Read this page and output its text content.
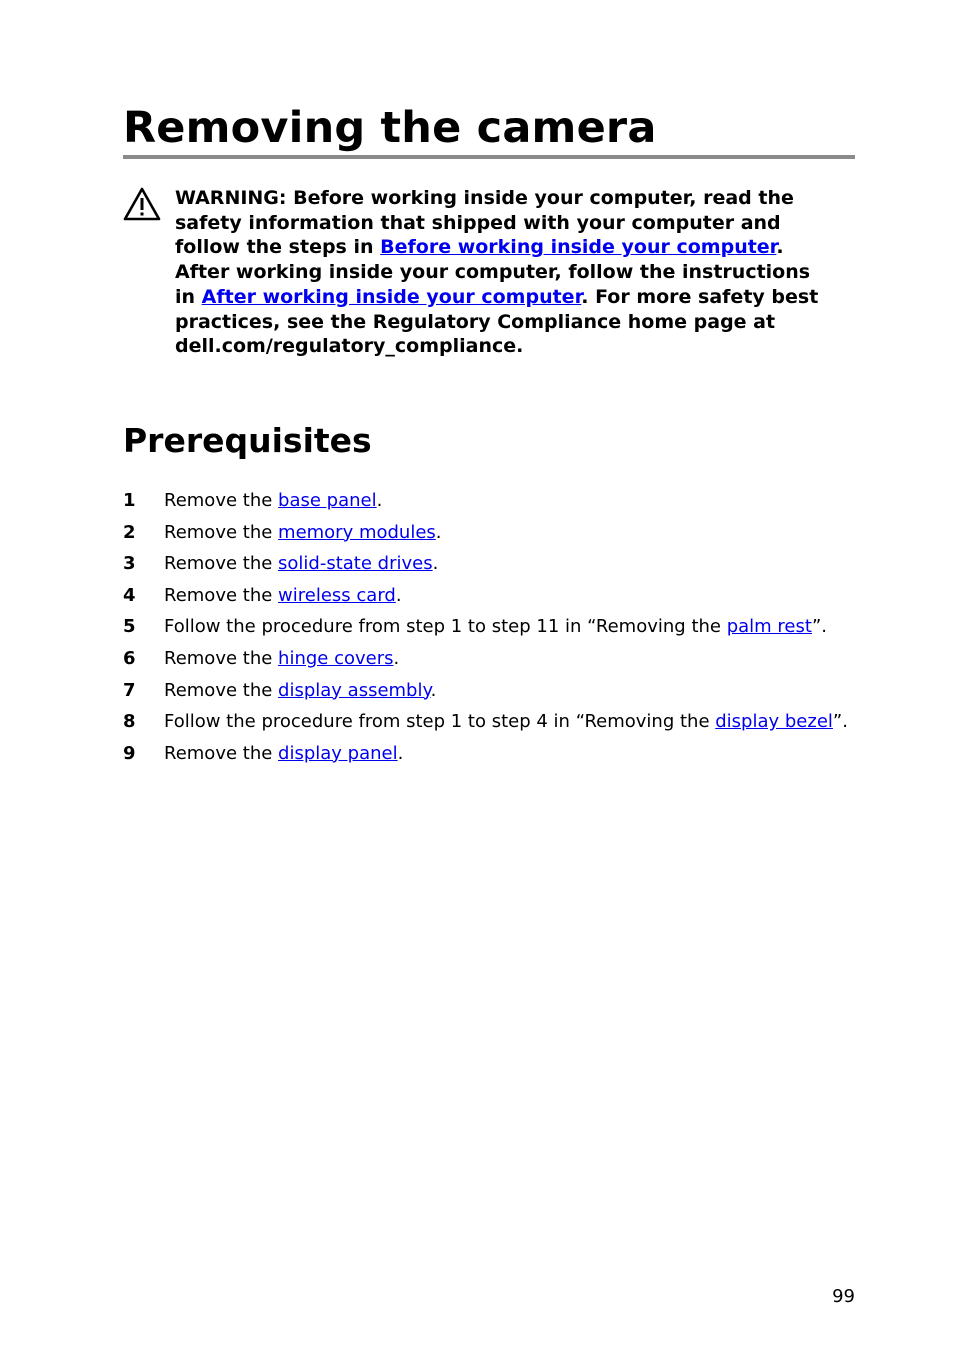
Removing the camera
WARNING: Before working inside your computer, read the
safety information that shipped with your computer and
follow the steps in Before working inside your computer.
After working inside your computer, follow the instructions
in After working inside your computer. For more safety best
practices, see the Regulatory Compliance home page at
dell.com/regulatory_compliance.
Prerequisites
1 Remove the base panel.
2 Remove the memory modules.
3 Remove the solid-state drives.
4 Remove the wireless card.
5 Follow the procedure from step 1 to step 11 in “Removing the palm rest”.
6 Remove the hinge covers.
7 Remove the display assembly.
8 Follow the procedure from step 1 to step 4 in “Removing the display bezel”.
9 Remove the display panel.
99
